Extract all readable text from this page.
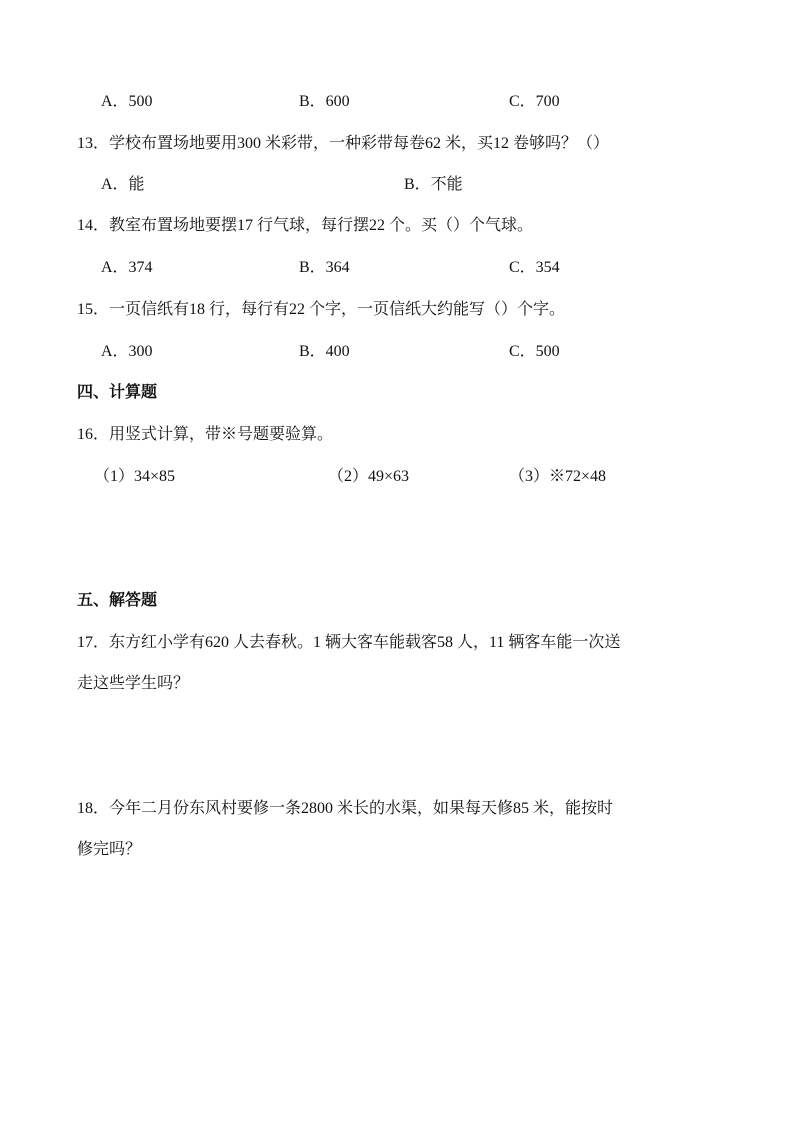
A．500	B．600	C．700
13．学校布置场地要用300 米彩带，一种彩带每卷62 米，买12 卷够吗？（）
A．能	B．不能
14．教室布置场地要摆17 行气球，每行摆22 个。买（）个气球。
A．374	B．364	C．354
15．一页信纸有18 行，每行有22 个字，一页信纸大约能写（）个字。
A．300	B．400	C．500
四、计算题
16．用竖式计算，带※号题要验算。
（1）34×85	（2）49×63	（3）※72×48
五、解答题
17．东方红小学有620 人去春秋。1 辆大客车能载客58 人，11 辆客车能一次送
走这些学生吗？
18．今年二月份东风村要修一条2800 米长的水渠，如果每天修85 米，能按时
修完吗？
